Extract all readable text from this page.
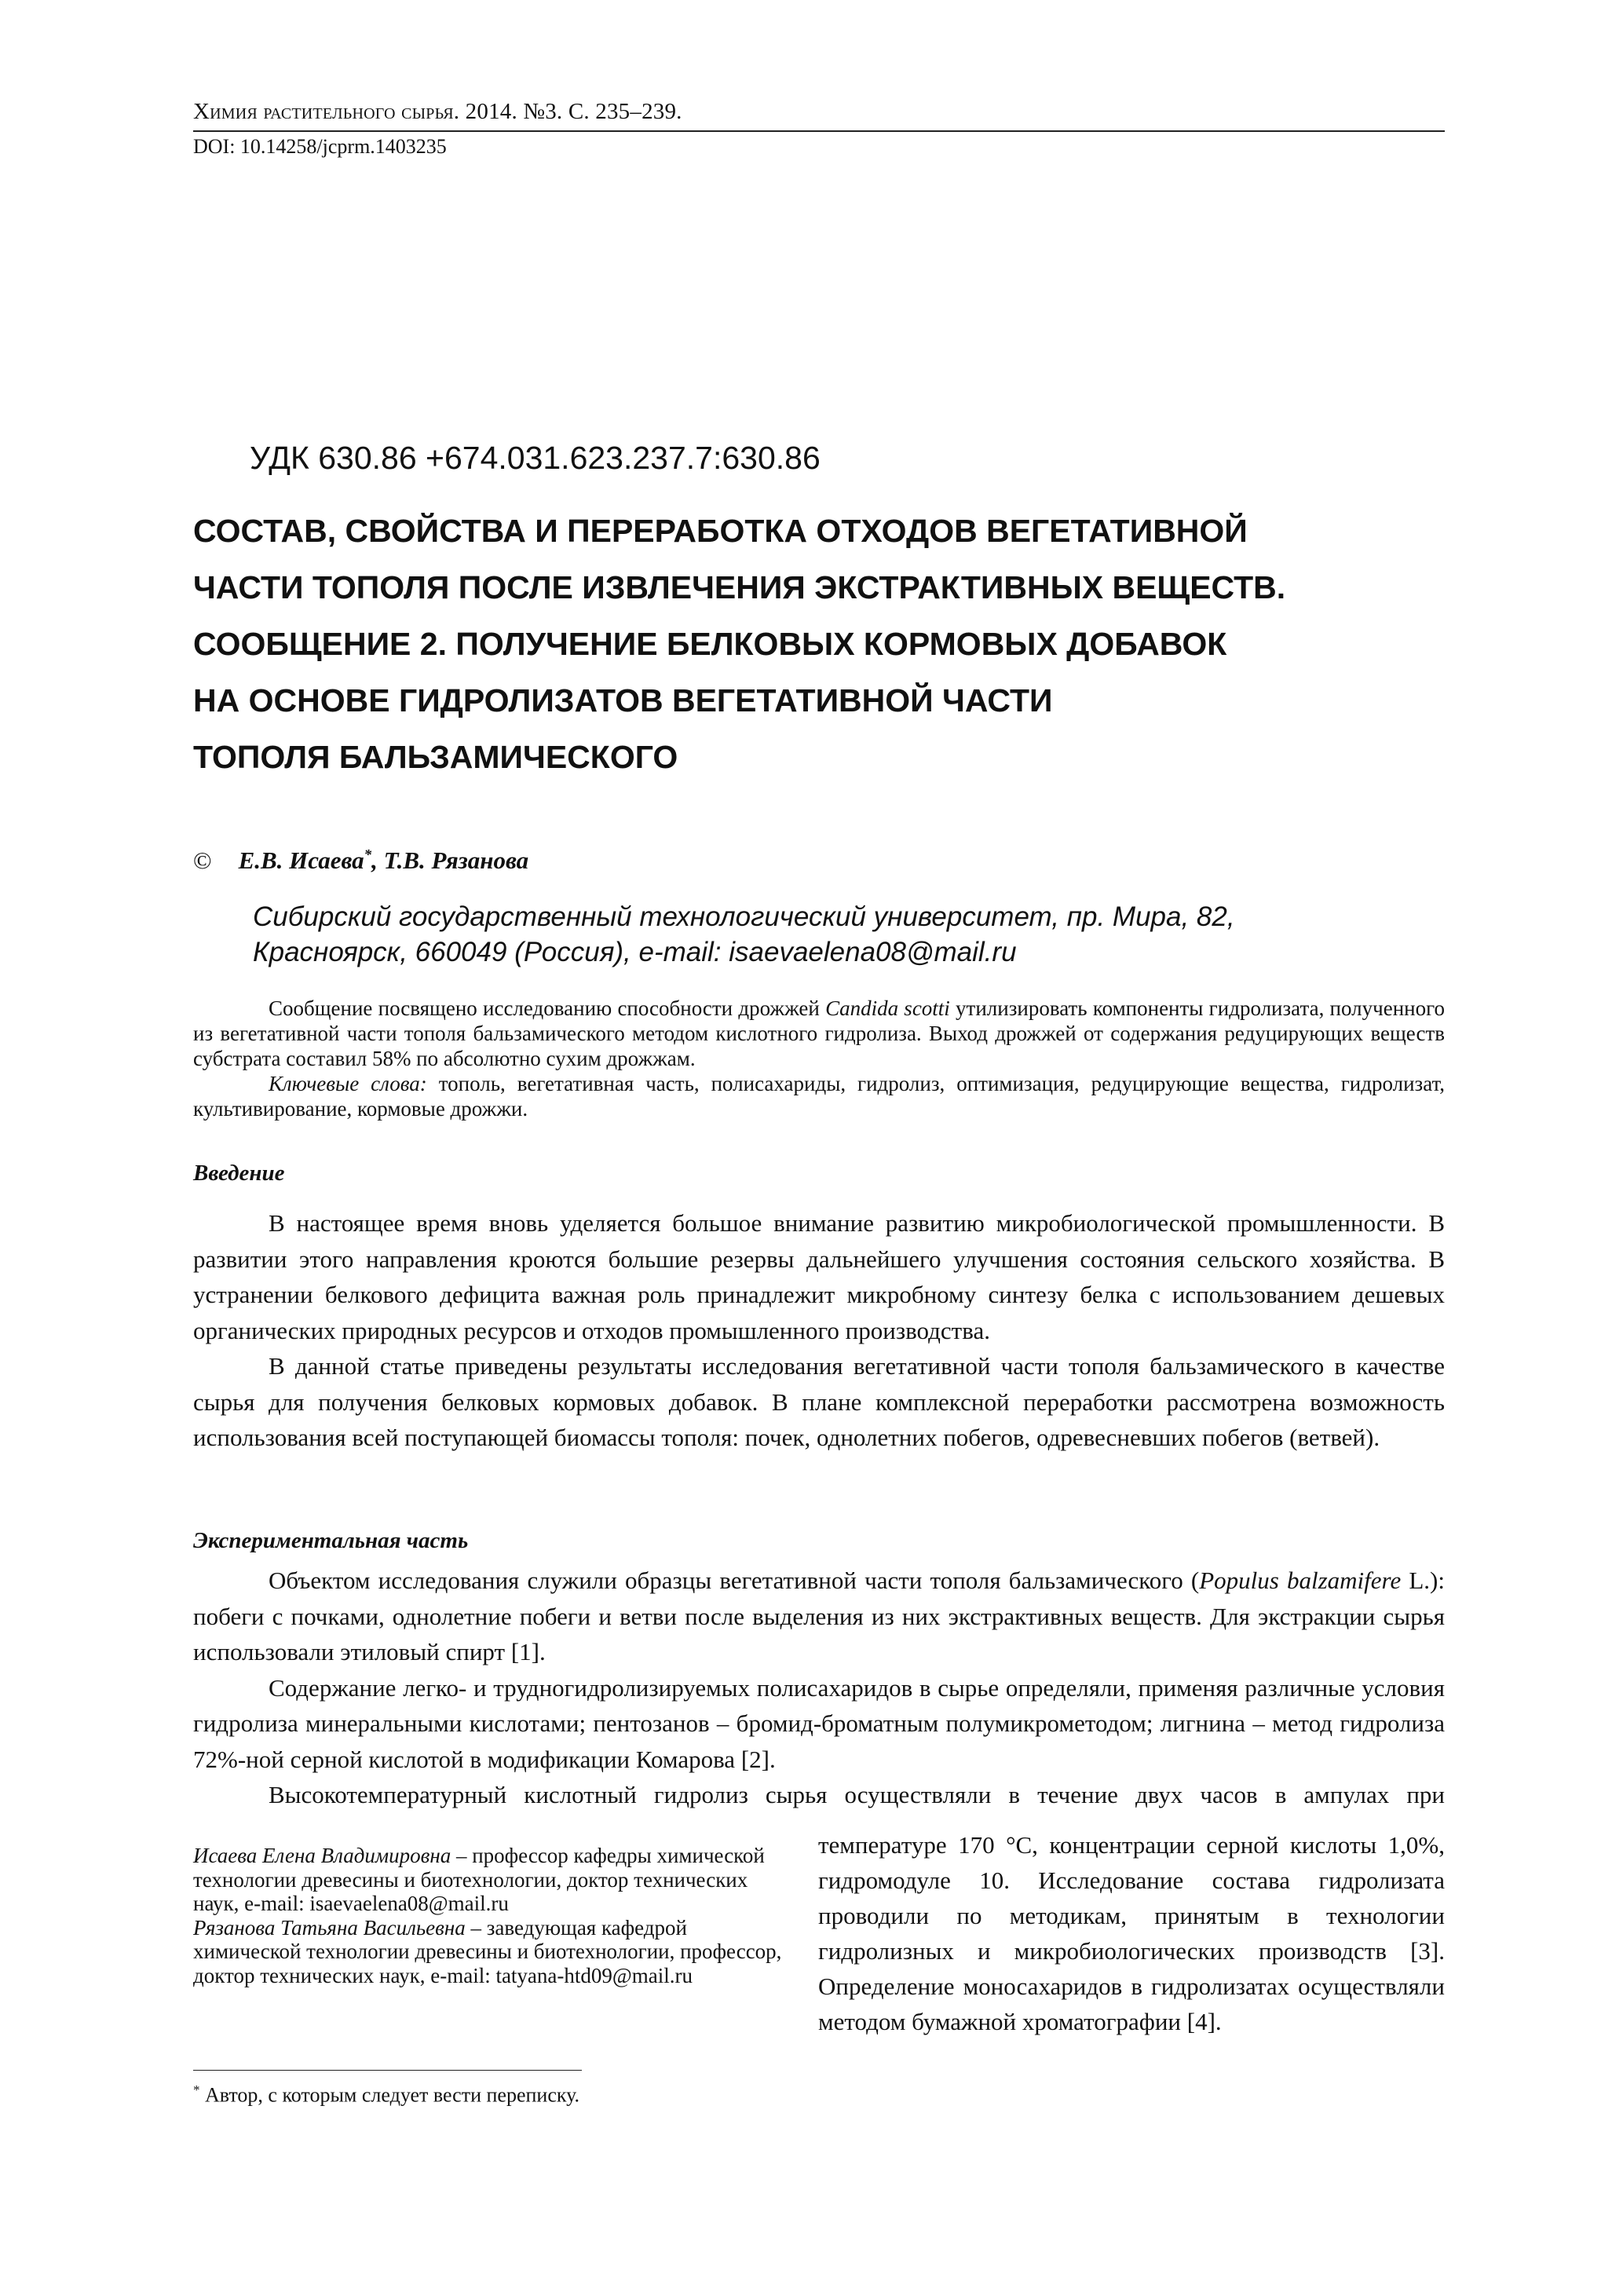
Химия растительного сырья. 2014. №3. С. 235–239.
DOI: 10.14258/jcprm.1403235
УДК 630.86 +674.031.623.237.7:630.86
СОСТАВ, СВОЙСТВА И ПЕРЕРАБОТКА ОТХОДОВ ВЕГЕТАТИВНОЙ
ЧАСТИ ТОПОЛЯ ПОСЛЕ ИЗВЛЕЧЕНИЯ ЭКСТРАКТИВНЫХ ВЕЩЕСТВ.
СООБЩЕНИЕ 2. ПОЛУЧЕНИЕ БЕЛКОВЫХ КОРМОВЫХ ДОБАВОК
НА ОСНОВЕ ГИДРОЛИЗАТОВ ВЕГЕТАТИВНОЙ ЧАСТИ
ТОПОЛЯ БАЛЬЗАМИЧЕСКОГО
© Е.В. Исаева*, Т.В. Рязанова
Сибирский государственный технологический университет, пр. Мира, 82,
Красноярск, 660049 (Россия), e-mail: isaevaelena08@mail.ru

Сообщение посвящено исследованию способности дрожжей Candida scotti утилизировать компоненты гидролизата, полученного из вегетативной части тополя бальзамического методом кислотного гидролиза. Выход дрожжей от содержания редуцирующих веществ субстрата составил 58% по абсолютно сухим дрожжам.

Ключевые слова: тополь, вегетативная часть, полисахариды, гидролиз, оптимизация, редуцирующие вещества, гидролизат, культивирование, кормовые дрожжи.

Введение

В настоящее время вновь уделяется большое внимание развитию микробиологической промышленности. В развитии этого направления кроются большие резервы дальнейшего улучшения состояния сельского хозяйства. В устранении белкового дефицита важная роль принадлежит микробному синтезу белка с использованием дешевых органических природных ресурсов и отходов промышленного производства.

В данной статье приведены результаты исследования вегетативной части тополя бальзамического в качестве сырья для получения белковых кормовых добавок. В плане комплексной переработки рассмотрена возможность использования всей поступающей биомассы тополя: почек, однолетних побегов, одревесневших побегов (ветвей).

Экспериментальная часть

Объектом исследования служили образцы вегетативной части тополя бальзамического (Populus balzamifere L.): побеги с почками, однолетние побеги и ветви после выделения из них экстрактивных веществ. Для экстракции сырья использовали этиловый спирт [1].

Содержание легко- и трудногидролизируемых полисахаридов в сырье определяли, применяя различные условия гидролиза минеральными кислотами; пентозанов – бромид-броматным полумикрометодом; лигнина – метод гидролиза 72%-ной серной кислотой в модификации Комарова [2].

Высокотемпературный кислотный гидролиз сырья осуществляли в течение двух часов в ампулах при

температуре 170 °С, концентрации серной кислоты 1,0%, гидромодуле 10. Исследование состава гидролизата проводили по методикам, принятым в технологии гидролизных и микробиологических производств [3]. Определение моносахаридов в гидролизатах осуществляли методом бумажной хроматографии [4].

Исаева Елена Владимировна – профессор кафедры химической технологии древесины и биотехнологии, доктор технических наук, e-mail: isaevaelena08@mail.ru

Рязанова Татьяна Васильевна – заведующая кафедрой химической технологии древесины и биотехнологии, профессор, доктор технических наук, e-mail: tatyana-htd09@mail.ru

* Автор, с которым следует вести переписку.
